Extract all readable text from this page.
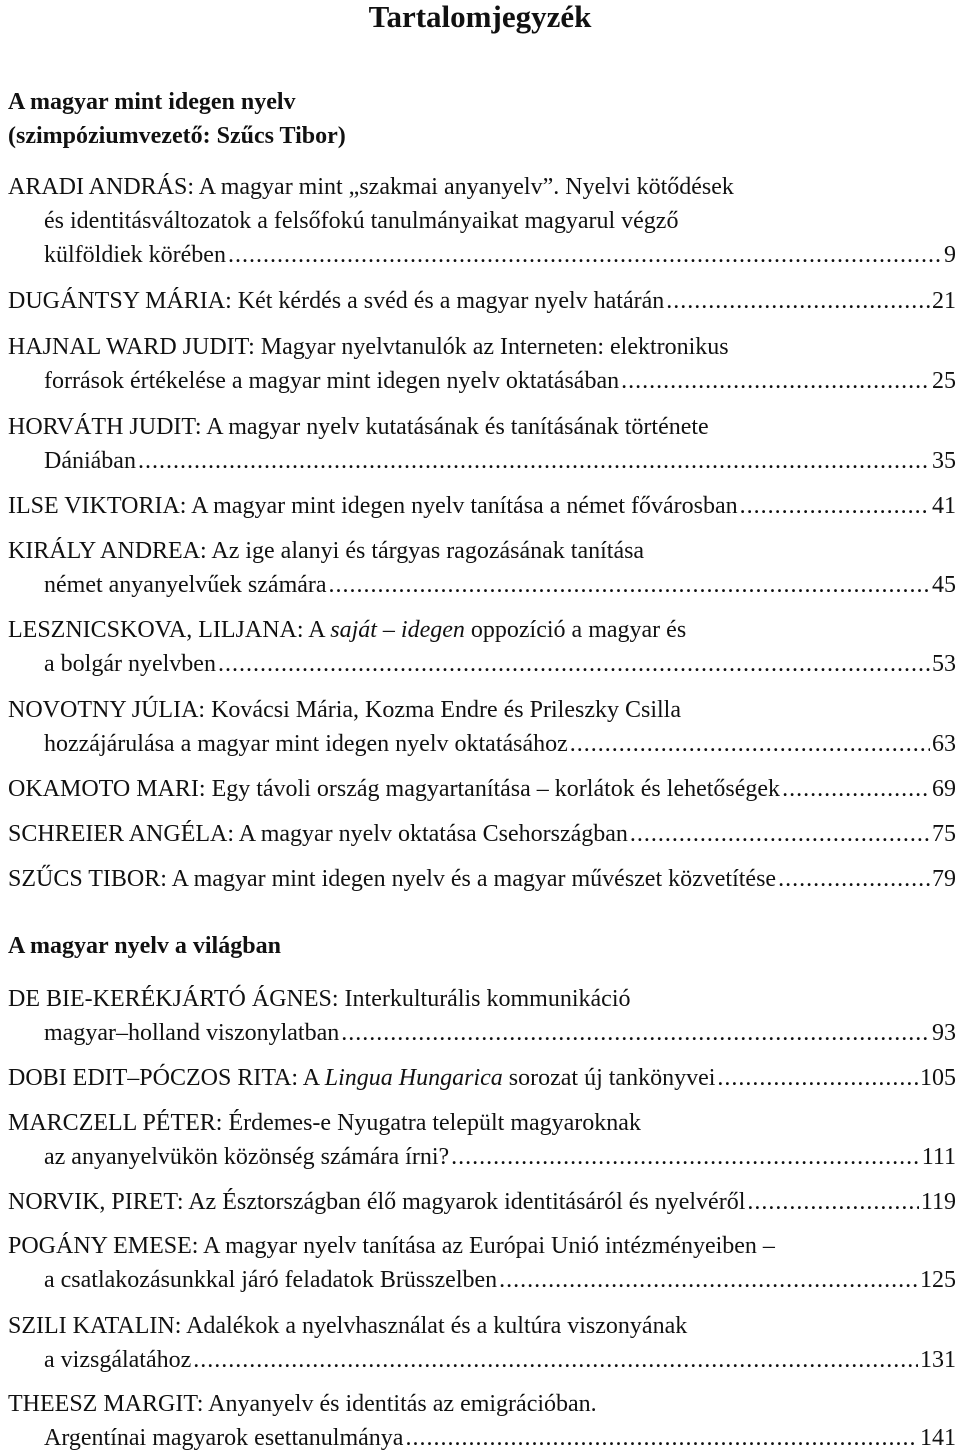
Tartalomjegyzék
A magyar mint idegen nyelv
(szimpóziumvezető: Szűcs Tibor)
ARADI ANDRÁS: A magyar mint „szakmai anyanyelv”. Nyelvi kötődések
és identitásváltozatok a felsőfokú tanulmányaikat magyarul végző
külföldiek körében .....	9
DUGÁNTSY MÁRIA: Két kérdés a svéd és a magyar nyelv határán .....	21
HAJNAL WARD JUDIT: Magyar nyelvtanulók az Interneten: elektronikus
források értékelése a magyar mint idegen nyelv oktatásában .....	25
HORVÁTH JUDIT: A magyar nyelv kutatásának és tanításának története
Dániában .....	35
ILSE VIKTORIA: A magyar mint idegen nyelv tanítása a német fővárosban .....	41
KIRÁLY ANDREA: Az ige alanyi és tárgyas ragozásának tanítása
német anyanyelvűek számára .....	45
LESZNICSKOVA, LILJANA: A saját – idegen oppozíció a magyar és
a bolgár nyelvben .....	53
NOVOTNY JÚLIA: Kovácsi Mária, Kozma Endre és Prileszky Csilla
hozzájárulása a magyar mint idegen nyelv oktatásához .....	63
OKAMOTO MARI: Egy távoli ország magyartanítása – korlátok és lehetőségek .....	69
SCHREIER ANGÉLA: A magyar nyelv oktatása Csehországban .....	75
SZŰCS TIBOR: A magyar mint idegen nyelv és a magyar művészet közvetítése .....	79
A magyar nyelv a világban
DE BIE-KERÉKJÁRTÓ ÁGNES: Interkulturális kommunikáció
magyar–holland viszonylatban .....	93
DOBI EDIT–PÓCZOS RITA: A Lingua Hungarica sorozat új tankönyvei .....	105
MARCZELL PÉTER: Érdemes-e Nyugatra települt magyaroknak
az anyanyelvükön közönség számára írni? .....	111
NORVIK, PIRET: Az Észtországban élő magyarok identitásáról és nyelvéről .....	119
POGÁNY EMESE: A magyar nyelv tanítása az Európai Unió intézményeiben –
a csatlakozásunkkal járó feladatok Brüsszelben .....	125
SZILI KATALIN: Adalékok a nyelvhasználat és a kultúra viszonyának
a vizsgálatához .....	131
THEESZ MARGIT: Anyanyelv és identitás az emigrációban.
Argentínai magyarok esettanulmánya .....	141
